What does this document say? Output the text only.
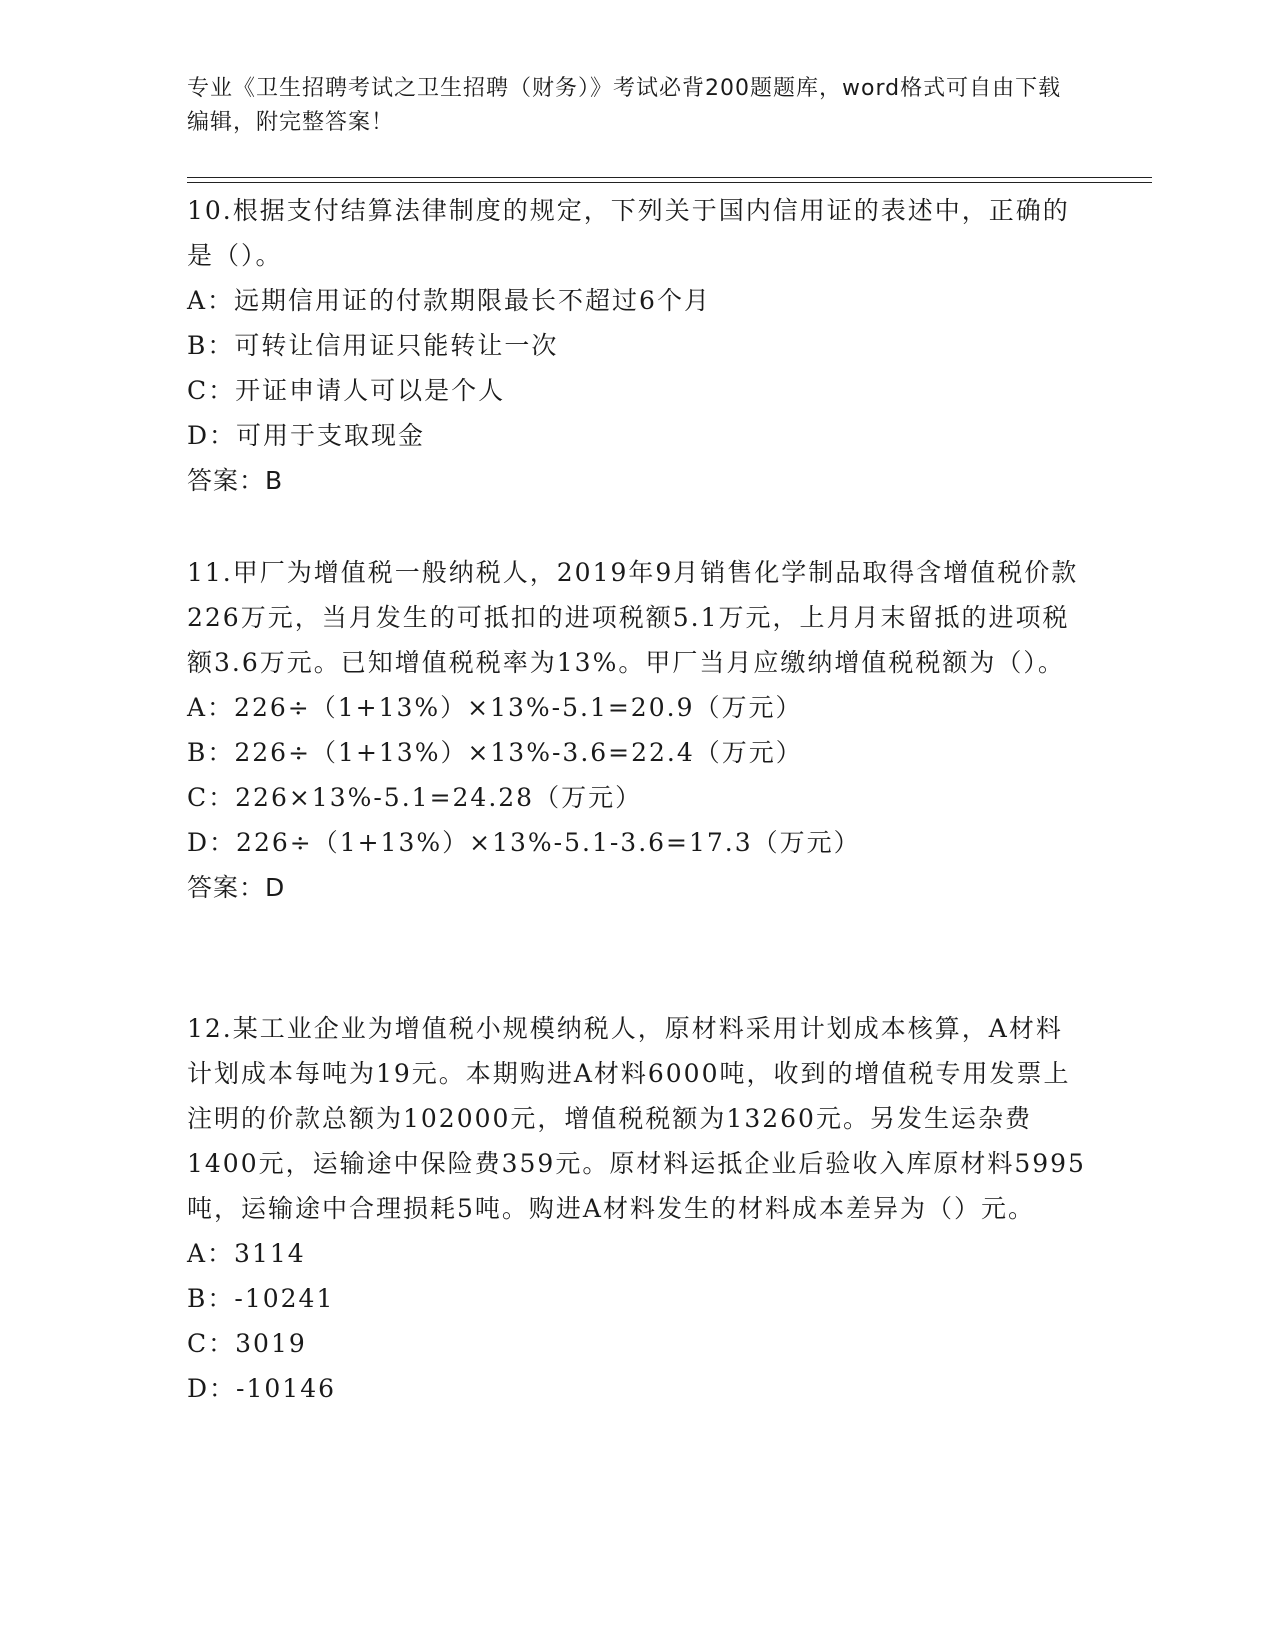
专业《卫生招聘考试之卫生招聘（财务）》考试必背200题题库，word格式可自由下载编辑，附完整答案！
10.根据支付结算法律制度的规定，下列关于国内信用证的表述中，正确的是（）。
A：远期信用证的付款期限最长不超过6个月
B：可转让信用证只能转让一次
C：开证申请人可以是个人
D：可用于支取现金
答案：B
11.甲厂为增值税一般纳税人，2019年9月销售化学制品取得含增值税价款226万元，当月发生的可抵扣的进项税额5.1万元，上月月末留抵的进项税额3.6万元。已知增值税税率为13%。甲厂当月应缴纳增值税税额为（）。
A：226÷（1+13%）×13%-5.1=20.9（万元）
B：226÷（1+13%）×13%-3.6=22.4（万元）
C：226×13%-5.1=24.28（万元）
D：226÷（1+13%）×13%-5.1-3.6=17.3（万元）
答案：D
12.某工业企业为增值税小规模纳税人，原材料采用计划成本核算，A材料计划成本每吨为19元。本期购进A材料6000吨，收到的增值税专用发票上注明的价款总额为102000元，增值税税额为13260元。另发生运杂费1400元，运输途中保险费359元。原材料运抵企业后验收入库原材料5995吨，运输途中合理损耗5吨。购进A材料发生的材料成本差异为（）元。
A：3114
B：-10241
C：3019
D：-10146
